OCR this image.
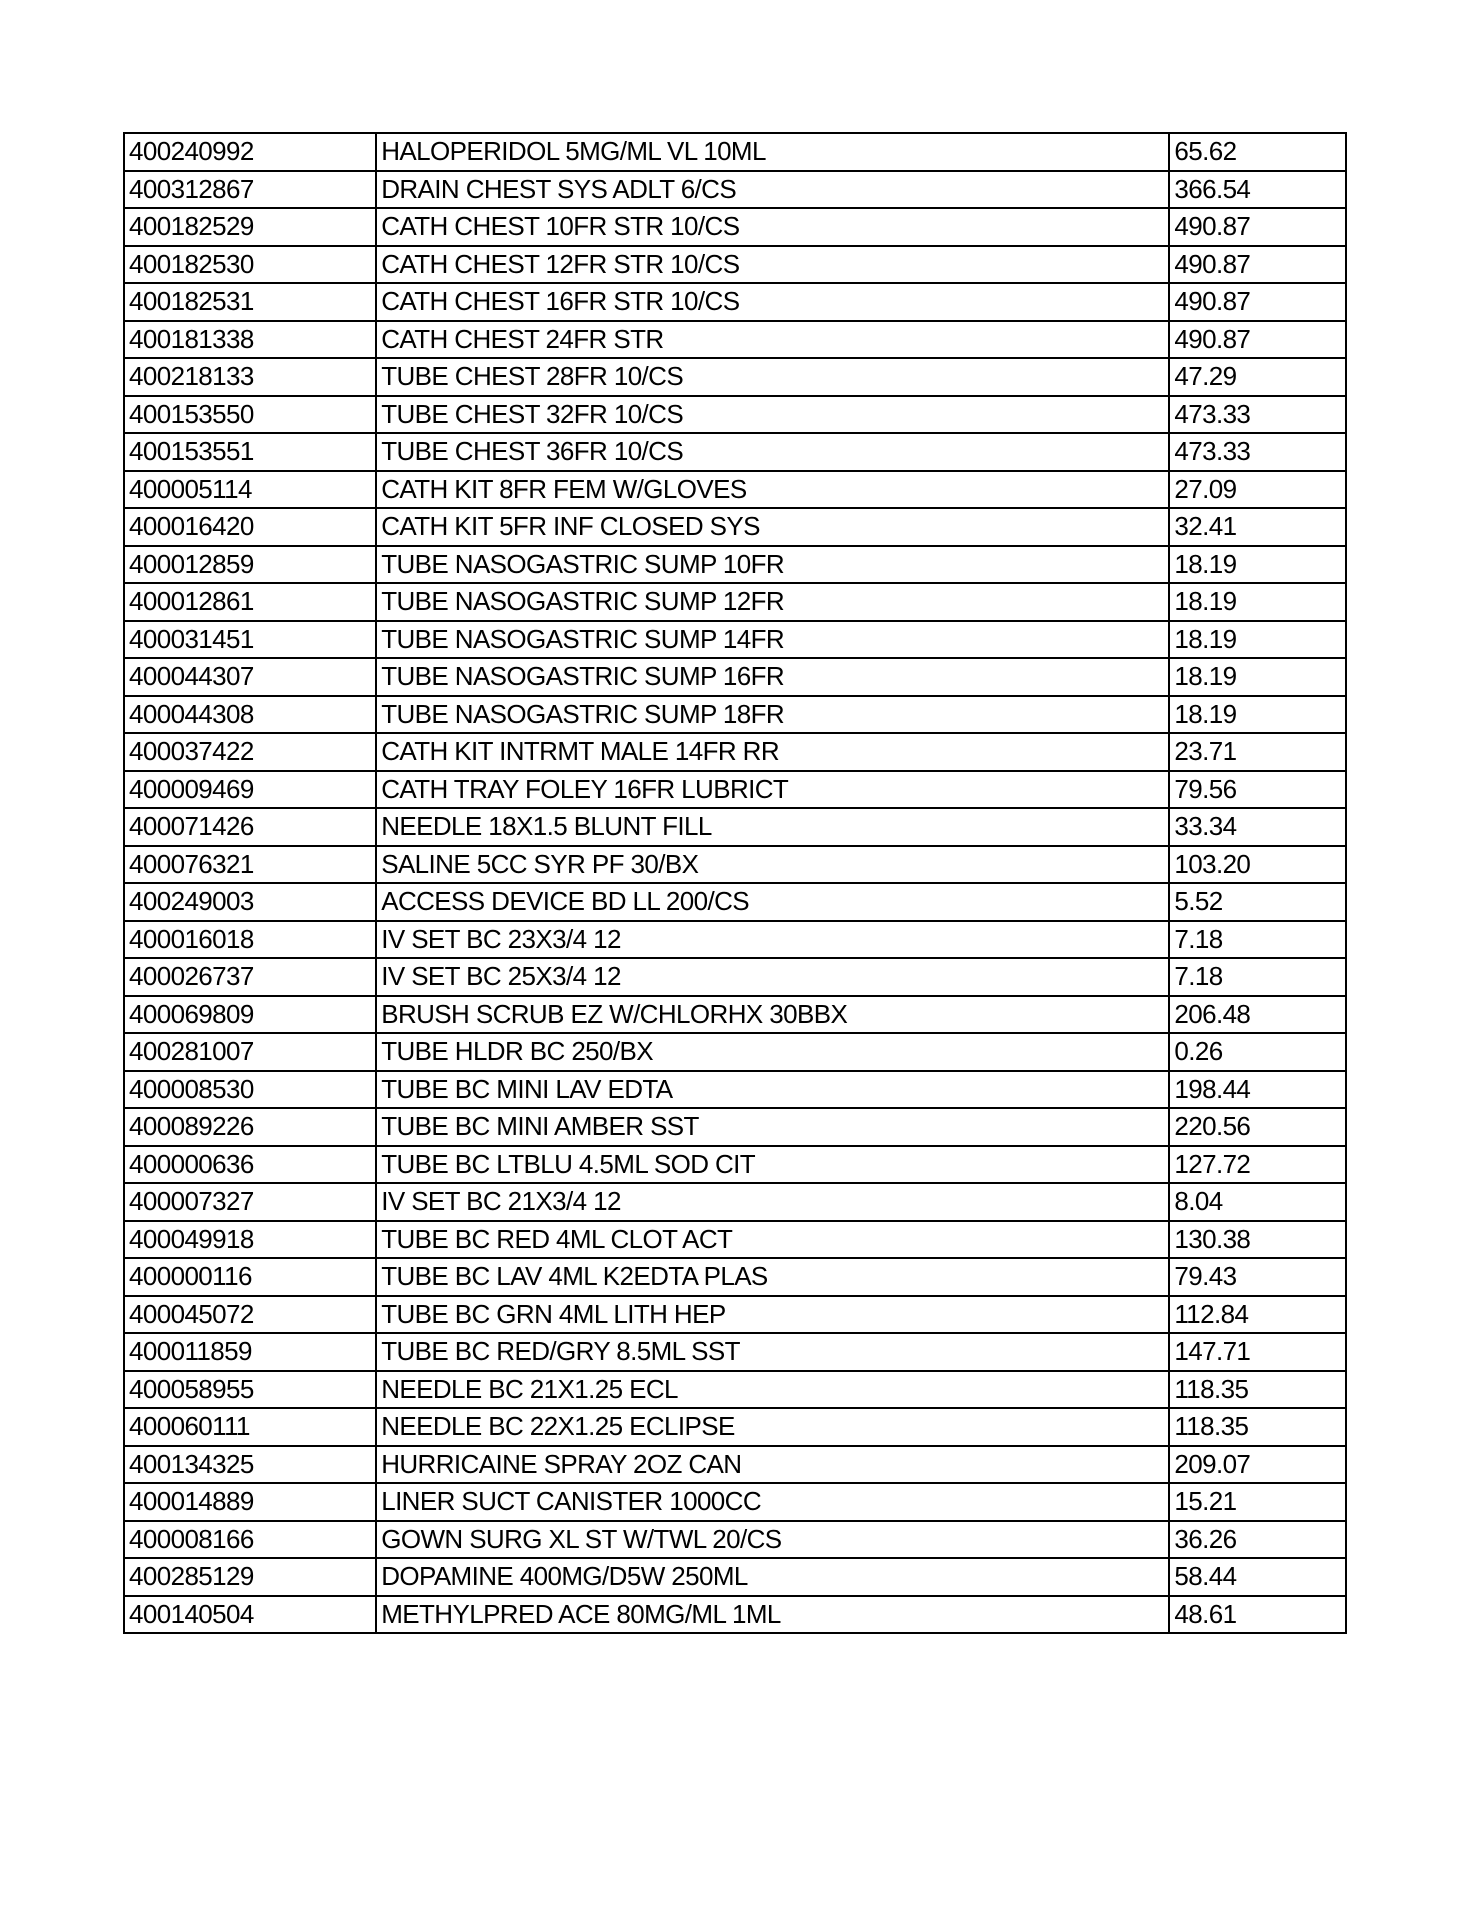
400240992	HALOPERIDOL 5MG/ML VL 10ML	65.62
400312867	DRAIN CHEST SYS ADLT 6/CS	366.54
400182529	CATH CHEST 10FR STR 10/CS	490.87
400182530	CATH CHEST 12FR STR 10/CS	490.87
400182531	CATH CHEST 16FR STR 10/CS	490.87
400181338	CATH CHEST 24FR STR	490.87
400218133	TUBE CHEST 28FR 10/CS	47.29
400153550	TUBE CHEST 32FR 10/CS	473.33
400153551	TUBE CHEST 36FR 10/CS	473.33
400005114	CATH KIT 8FR FEM W/GLOVES	27.09
400016420	CATH KIT 5FR INF CLOSED SYS	32.41
400012859	TUBE NASOGASTRIC SUMP 10FR	18.19
400012861	TUBE NASOGASTRIC SUMP 12FR	18.19
400031451	TUBE NASOGASTRIC SUMP 14FR	18.19
400044307	TUBE NASOGASTRIC SUMP 16FR	18.19
400044308	TUBE NASOGASTRIC SUMP 18FR	18.19
400037422	CATH KIT INTRMT MALE 14FR RR	23.71
400009469	CATH TRAY FOLEY 16FR LUBRICT	79.56
400071426	NEEDLE 18X1.5 BLUNT FILL	33.34
400076321	SALINE 5CC SYR PF 30/BX	103.20
400249003	ACCESS DEVICE BD LL 200/CS	5.52
400016018	IV SET BC 23X3/4 12	7.18
400026737	IV SET BC 25X3/4 12	7.18
400069809	BRUSH SCRUB EZ W/CHLORHX 30BBX	206.48
400281007	TUBE HLDR BC 250/BX	0.26
400008530	TUBE BC MINI LAV EDTA	198.44
400089226	TUBE BC MINI AMBER SST	220.56
400000636	TUBE BC LTBLU 4.5ML SOD CIT	127.72
400007327	IV SET BC 21X3/4 12	8.04
400049918	TUBE BC RED 4ML CLOT ACT	130.38
400000116	TUBE BC LAV 4ML K2EDTA PLAS	79.43
400045072	TUBE BC GRN 4ML LITH HEP	112.84
400011859	TUBE BC RED/GRY 8.5ML SST	147.71
400058955	NEEDLE BC 21X1.25 ECL	118.35
400060111	NEEDLE BC 22X1.25 ECLIPSE	118.35
400134325	HURRICAINE SPRAY 2OZ CAN	209.07
400014889	LINER SUCT CANISTER 1000CC	15.21
400008166	GOWN SURG XL ST W/TWL 20/CS	36.26
400285129	DOPAMINE 400MG/D5W 250ML	58.44
400140504	METHYLPRED ACE 80MG/ML 1ML	48.61
